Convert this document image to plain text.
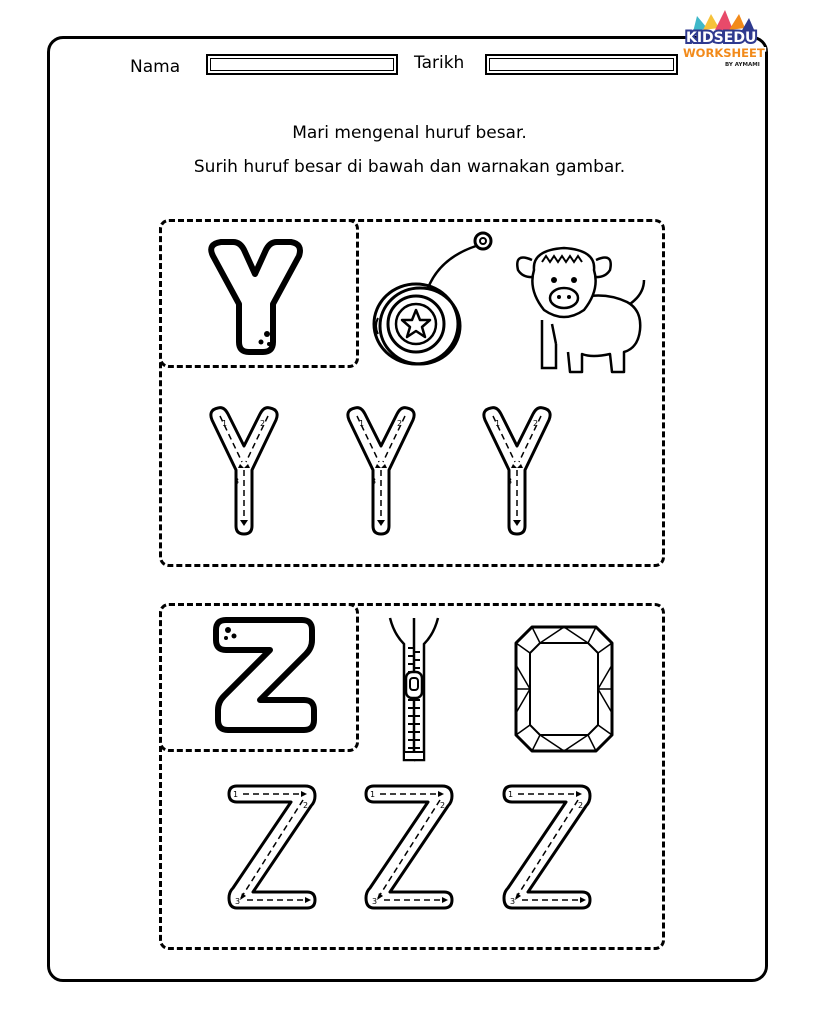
Nama	Tarikh
KIDSEDU
WORKSHEET
BY AYMAMI
Mari mengenal huruf besar.
Surih huruf besar di bawah dan warnakan gambar.
1	2
3
1	2
3
1	2
3
1
2
3
1
2
3
1
2
3
